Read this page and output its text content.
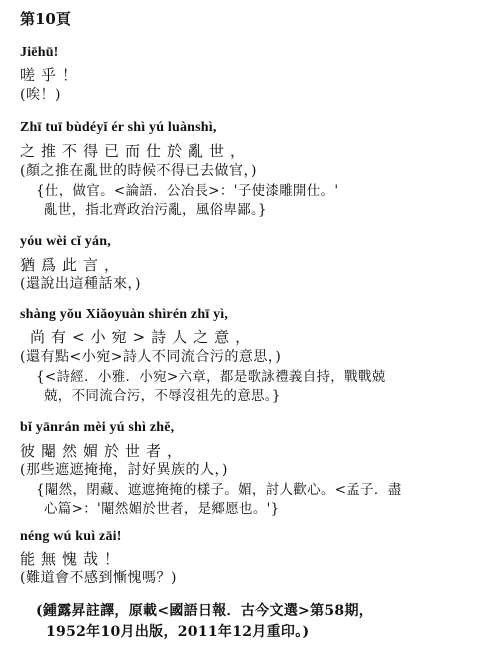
第10頁
Jiēhū!
嗟乎！
(唉！)
Zhī tuī bùdéyǐ ér shì yú luànshì,
之推不得已而仕於亂世，
(顏之推在亂世的時候不得已去做官，)
{仕，做官。<論語．公冶長>：'子使漆雕開仕。'
亂世，指北齊政治污亂，風俗卑鄙。}
yóu wèi cǐ yán,
猶爲此言，
(還說出這種話來，)
shàng yǒu Xiǎoyuàn shìrén zhī yì,
尚有<小宛>詩人之意，
(還有點<小宛>詩人不同流合污的意思，)
{<詩經．小雅．小宛>六章，都是歌詠禮義自持，戰戰兢
兢，不同流合污，不辱沒祖先的意思。}
bǐ yānrán mèi yú shì zhě,
彼閹然媚於世者，
(那些遮遮掩掩，討好異族的人，)
{閹然，閉藏、遮遮掩掩的樣子。媚，討人歡心。<孟子．盡
心篇>：'閹然媚於世者，是鄉愿也。'}
néng wú kuì zāi!
能無愧哉！
(難道會不感到慚愧嗎？)
(鍾露昇註譯，原載<國語日報．古今文選>第58期，
1952年10月出版，2011年12月重印。)
